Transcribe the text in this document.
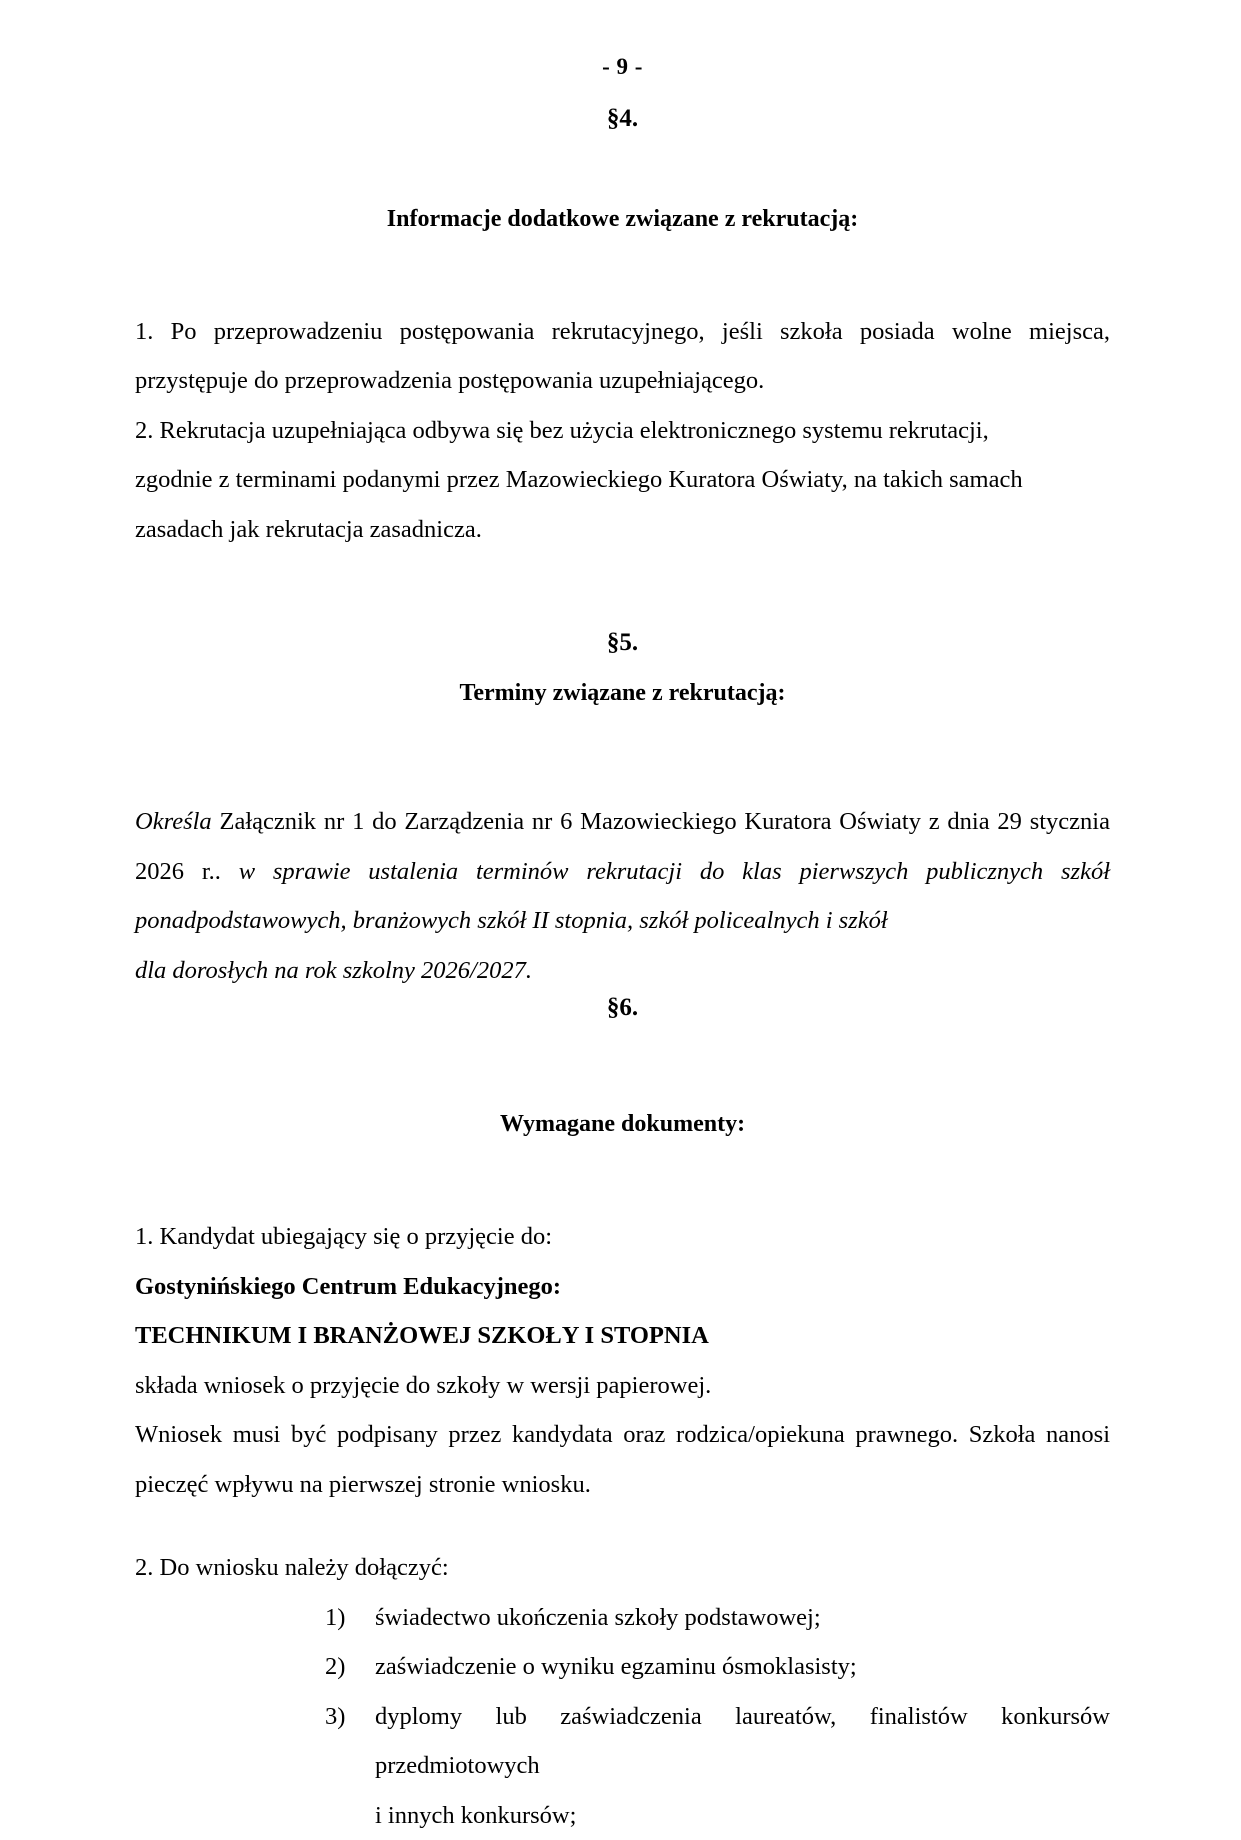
- 9 -
§4.
Informacje dodatkowe związane z rekrutacją:

1. Po przeprowadzeniu postępowania rekrutacyjnego, jeśli szkoła posiada wolne miejsca, przystępuje do przeprowadzenia postępowania uzupełniającego.

2. Rekrutacja uzupełniająca odbywa się bez użycia elektronicznego systemu rekrutacji,

zgodnie z terminami podanymi przez Mazowieckiego Kuratora Oświaty, na takich samach

zasadach jak rekrutacja zasadnicza.

§5.
Terminy związane z rekrutacją:

Określa Załącznik nr 1 do Zarządzenia nr 6 Mazowieckiego Kuratora Oświaty z dnia 29 stycznia 2026 r.. w sprawie ustalenia terminów rekrutacji do klas pierwszych publicznych szkół ponadpodstawowych, branżowych szkół II stopnia, szkół policealnych i szkół

dla dorosłych na rok szkolny 2026/2027.

§6.
Wymagane dokumenty:

1. Kandydat ubiegający się o przyjęcie do:

Gostynińskiego Centrum Edukacyjnego:

TECHNIKUM I BRANŻOWEJ SZKOŁY I STOPNIA

składa wniosek o przyjęcie do szkoły w wersji papierowej.

Wniosek musi być podpisany przez kandydata oraz rodzica/opiekuna prawnego. Szkoła nanosi pieczęć wpływu na pierwszej stronie wniosku.

2. Do wniosku należy dołączyć:

1)	świadectwo ukończenia szkoły podstawowej;
2)	zaświadczenie o wyniku egzaminu ósmoklasisty;
3)	dyplomy lub zaświadczenia laureatów, finalistów konkursów przedmiotowych
i innych konkursów;
